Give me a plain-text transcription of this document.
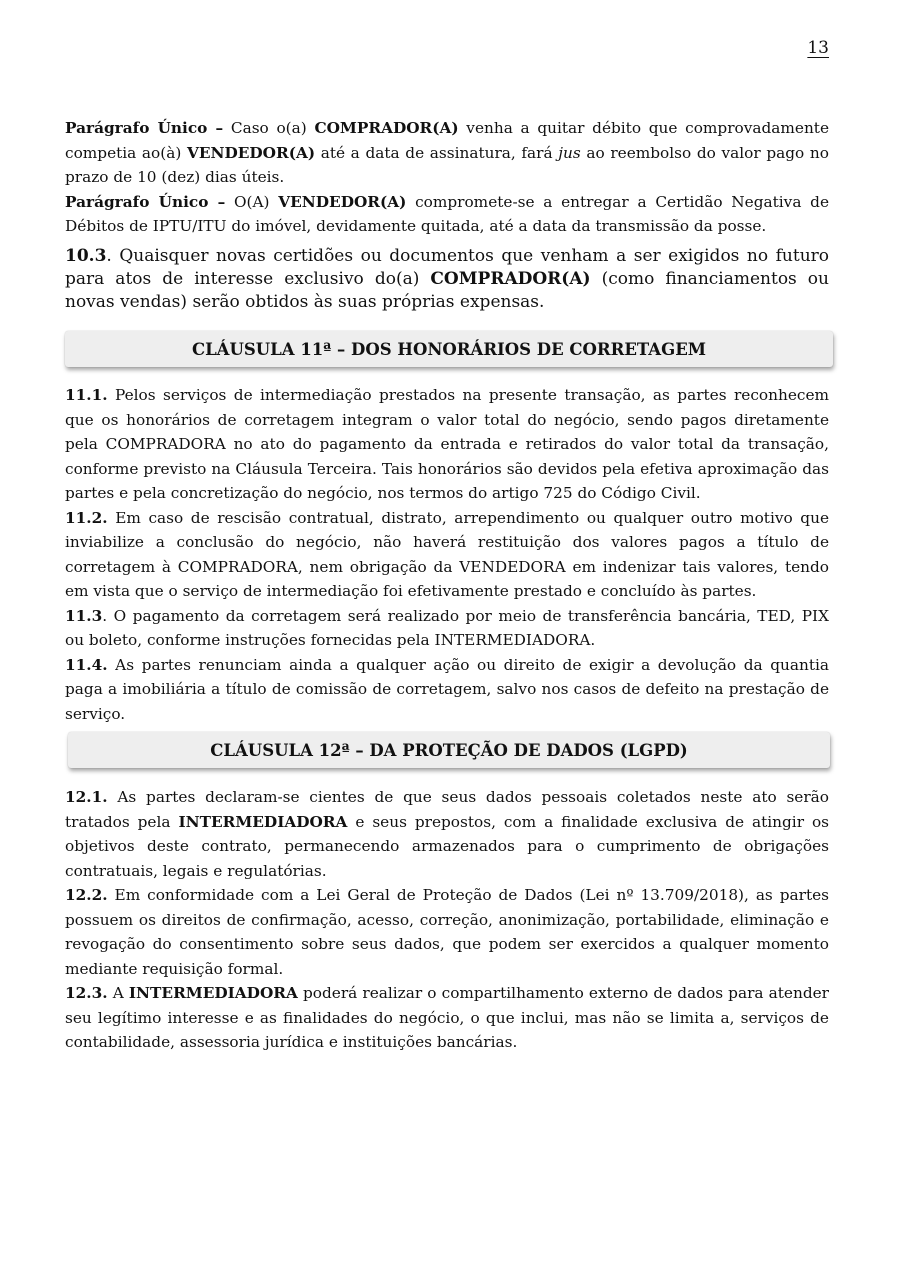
13

Parágrafo Único – Caso o(a) COMPRADOR(A) venha a quitar débito que comprovadamente competia ao(à) VENDEDOR(A) até a data de assinatura, fará jus ao reembolso do valor pago no prazo de 10 (dez) dias úteis.

Parágrafo Único – O(A) VENDEDOR(A) compromete-se a entregar a Certidão Negativa de Débitos de IPTU/ITU do imóvel, devidamente quitada, até a data da transmissão da posse.

10.3. Quaisquer novas certidões ou documentos que venham a ser exigidos no futuro para atos de interesse exclusivo do(a) COMPRADOR(A) (como financiamentos ou novas vendas) serão obtidos às suas próprias expensas.

CLÁUSULA 11ª – DOS HONORÁRIOS DE CORRETAGEM

11.1. Pelos serviços de intermediação prestados na presente transação, as partes reconhecem que os honorários de corretagem integram o valor total do negócio, sendo pagos diretamente pela COMPRADORA no ato do pagamento da entrada e retirados do valor total da transação, conforme previsto na Cláusula Terceira. Tais honorários são devidos pela efetiva aproximação das partes e pela concretização do negócio, nos termos do artigo 725 do Código Civil.

11.2. Em caso de rescisão contratual, distrato, arrependimento ou qualquer outro motivo que inviabilize a conclusão do negócio, não haverá restituição dos valores pagos a título de corretagem à COMPRADORA, nem obrigação da VENDEDORA em indenizar tais valores, tendo em vista que o serviço de intermediação foi efetivamente prestado e concluído às partes.

11.3. O pagamento da corretagem será realizado por meio de transferência bancária, TED, PIX ou boleto, conforme instruções fornecidas pela INTERMEDIADORA.

11.4. As partes renunciam ainda a qualquer ação ou direito de exigir a devolução da quantia paga a imobiliária a título de comissão de corretagem, salvo nos casos de defeito na prestação de serviço.

CLÁUSULA 12ª – DA PROTEÇÃO DE DADOS (LGPD)

12.1. As partes declaram-se cientes de que seus dados pessoais coletados neste ato serão tratados pela INTERMEDIADORA e seus prepostos, com a finalidade exclusiva de atingir os objetivos deste contrato, permanecendo armazenados para o cumprimento de obrigações contratuais, legais e regulatórias.

12.2. Em conformidade com a Lei Geral de Proteção de Dados (Lei nº 13.709/2018), as partes possuem os direitos de confirmação, acesso, correção, anonimização, portabilidade, eliminação e revogação do consentimento sobre seus dados, que podem ser exercidos a qualquer momento mediante requisição formal.

12.3. A INTERMEDIADORA poderá realizar o compartilhamento externo de dados para atender seu legítimo interesse e as finalidades do negócio, o que inclui, mas não se limita a, serviços de contabilidade, assessoria jurídica e instituições bancárias.
